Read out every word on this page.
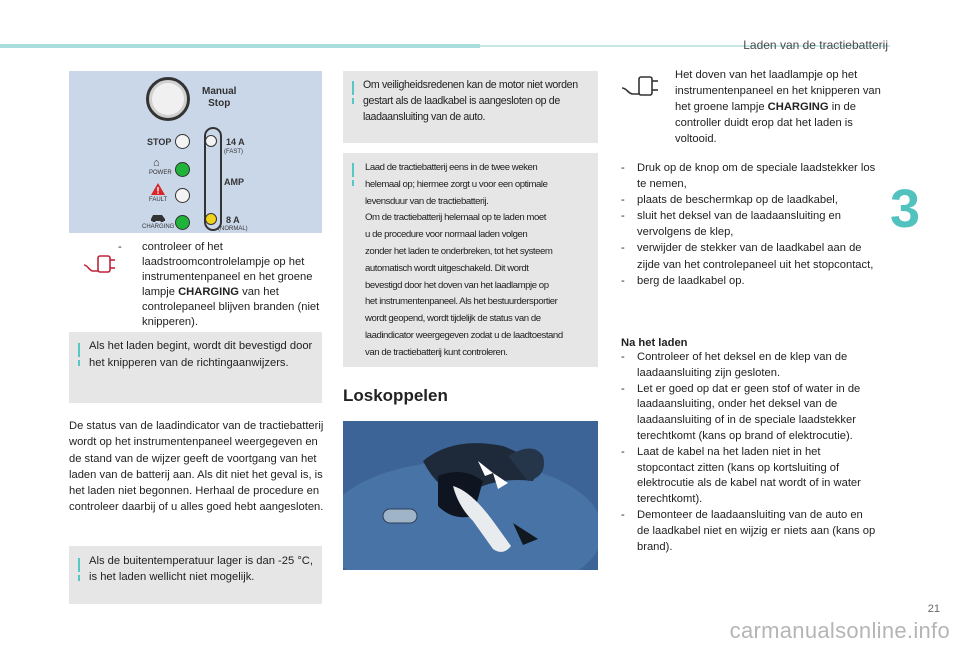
Laden van de tractiebatterij
3
Manual
Stop
STOP
⌂
POWER
FAULT
CHARGING
14 A
(FAST)
AMP
8 A
(NORMAL)
-	controleer of het laadstroomcontrolelampje op het instrumentenpaneel en het groene lampje CHARGING van het controlepaneel blijven branden (niet knipperen).
Als het laden begint, wordt dit bevestigd door het knipperen van de richtingaanwijzers.
De status van de laadindicator van de tractiebatterij wordt op het instrumentenpaneel weergegeven en de stand van de wijzer geeft de voortgang van het laden van de batterij aan. Als dit niet het geval is, is het laden niet begonnen. Herhaal de procedure en controleer daarbij of u alles goed hebt aangesloten.
Als de buitentemperatuur lager is dan -25 °C, is het laden wellicht niet mogelijk.
Om veiligheidsredenen kan de motor niet worden gestart als de laadkabel is aangesloten op de laadaansluiting van de auto.
Laad de tractiebatterij eens in de twee weken
helemaal op; hiermee zorgt u voor een optimale
levensduur van de tractiebatterij.
Om de tractiebatterij helemaal op te laden moet
u de procedure voor normaal laden volgen
zonder het laden te onderbreken, tot het systeem
automatisch wordt uitgeschakeld. Dit wordt
bevestigd door het doven van het laadlampje op
het instrumentenpaneel. Als het bestuurdersportier
wordt geopend, wordt tijdelijk de status van de
laadindicator weergegeven zodat u de laadtoestand
van de tractiebatterij kunt controleren.
Loskoppelen
Het doven van het laadlampje op het instrumentenpaneel en het knipperen van het groene lampje CHARGING in de controller duidt erop dat het laden is voltooid.
- Druk op de knop om de speciale laadstekker los te nemen,
- plaats de beschermkap op de laadkabel,
- sluit het deksel van de laadaansluiting en vervolgens de klep,
- verwijder de stekker van de laadkabel aan de zijde van het controlepaneel uit het stopcontact,
- berg de laadkabel op.
Na het laden
- Controleer of het deksel en de klep van de laadaansluiting zijn gesloten.
- Let er goed op dat er geen stof of water in de laadaansluiting, onder het deksel van de laadaansluiting of in de speciale laadstekker terechtkomt (kans op brand of elektrocutie).
- Laat de kabel na het laden niet in het stopcontact zitten (kans op kortsluiting of elektrocutie als de kabel nat wordt of in water terechtkomt).
- Demonteer de laadaansluiting van de auto en de laadkabel niet en wijzig er niets aan (kans op brand).
21
carmanualsonline.info
